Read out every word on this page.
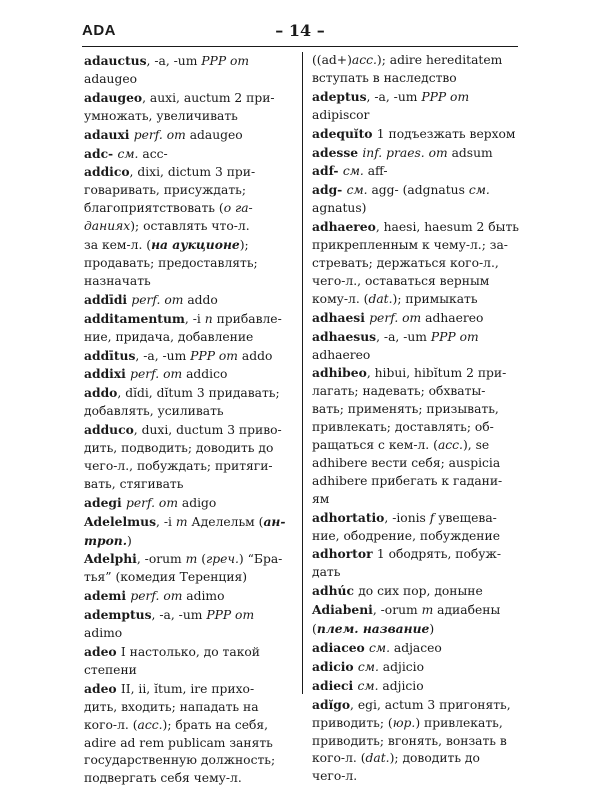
ADA	– 14 –
adauctus, -a, -um PPP от
adaugeo
adaugeo, auxi, auctum 2 при-
умножать, увеличивать
adauxi perf. от adaugeo
adc- см. acc-
addico, dixi, dictum 3 при-
говаривать, присуждать;
благоприятствовать (о га-
даниях); оставлять что-л.
за кем-л. (на аукционе);
продавать; предоставлять;
назначать
addīdi perf. от addo
additamentum, -i n прибавле-
ние, придача, добавление
addītus, -a, -um PPP от addo
addixi perf. от addico
addo, dĭdi, dĭtum 3 придавать;
добавлять, усиливать
adduco, duxi, ductum 3 приво-
дить, подводить; доводить до
чего-л., побуждать; притяги-
вать, стягивать
adegi perf. от adigo
Adelelmus, -i m Аделельм (ан-
троп.)
Adelphi, -orum m (греч.) “Бра-
тья” (комедия Теренция)
ademi perf. от adimo
ademptus, -a, -um PPP от
adimo
adeo I настолько, до такой
степени
adeo II, ii, ĭtum, ire прихо-
дить, входить; нападать на
кого-л. (acc.); брать на себя,
adire ad rem publicam занять
государственную должность;
подвергать себя чему-л.
((ad+)acc.); adire hereditatem
вступать в наследство
adeptus, -a, -um PPP от
adipiscor
adequĭto 1 подъезжать верхом
adesse inf. praes. от adsum
adf- см. aff-
adg- см. agg- (adgnatus см.
agnatus)
adhaereo, haesi, haesum 2 быть
прикрепленным к чему-л.; за-
стревать; держаться кого-л.,
чего-л., оставаться верным
кому-л. (dat.); примыкать
adhaesi perf. от adhaereo
adhaesus, -a, -um PPP от
adhaereo
adhibeo, hibui, hibĭtum 2 при-
лагать; надевать; обхваты-
вать; применять; призывать,
привлекать; доставлять; об-
ращаться с кем-л. (acc.), se
adhibere вести себя; auspicia
adhibere прибегать к гадани-
ям
adhortatio, -ionis f увещева-
ние, ободрение, побуждение
adhortor 1 ободрять, побуж-
дать
adhúc до сих пор, доныне
Adiabeni, -orum m адиабены
(плем. название)
adiaceo см. adjaceo
adicio см. adjicio
adieci см. adjicio
adĭgo, egi, actum 3 пригонять,
приводить; (юр.) привлекать,
приводить; вгонять, вонзать в
кого-л. (dat.); доводить до
чего-л.
